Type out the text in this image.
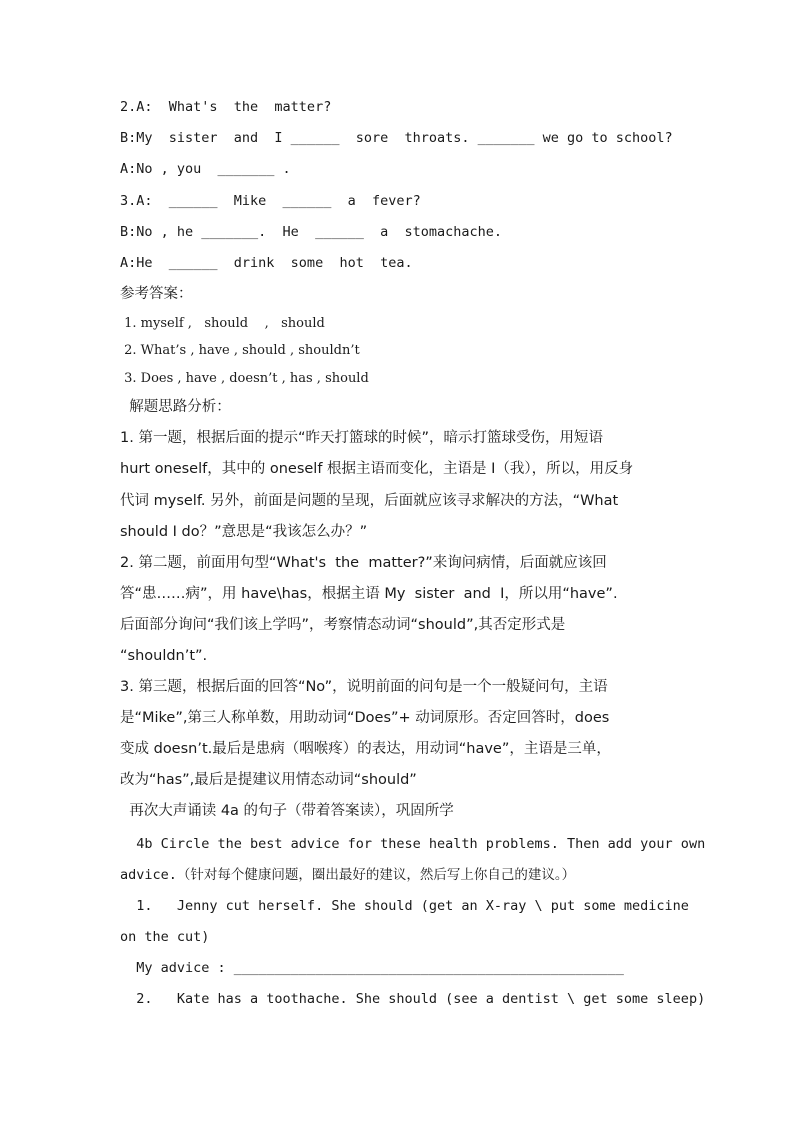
2.A:  What's  the  matter?
B:My  sister  and  I ______  sore  throats. _______ we go to school?
A:No , you  _______ .
3.A:  ______  Mike  ______  a  fever?
B:No , he _______.  He  ______  a  stomachache.
A:He  ______  drink  some  hot  tea.
参考答案：
1. myself ,   should    ,   should
2. What’s , have , should , shouldn’t
3. Does , have , doesn’t , has , should
解题思路分析：
1. 第一题，根据后面的提示“昨天打篮球的时候”，暗示打篮球受伤，用短语
hurt oneself，其中的 oneself 根据主语而变化，主语是 I（我），所以，用反身
代词 myself. 另外，前面是问题的呈现，后面就应该寻求解决的方法，“What
should I do？”意思是“我该怎么办？”
2. 第二题，前面用句型“What's  the  matter?”来询问病情，后面就应该回
答“患……病”，用 have\has，根据主语 My  sister  and  I，所以用“have”.
后面部分询问“我们该上学吗”，考察情态动词“should”,其否定形式是
“shouldn’t”.
3. 第三题，根据后面的回答“No”，说明前面的问句是一个一般疑问句，主语
是“Mike”,第三人称单数，用助动词“Does”+ 动词原形。否定回答时，does
变成 doesn’t.最后是患病（咽喉疼）的表达，用动词“have”，主语是三单，
改为“has”,最后是提建议用情态动词“should”
再次大声诵读 4a 的句子（带着答案读），巩固所学
4b Circle the best advice for these health problems. Then add your own
advice.（针对每个健康问题，圈出最好的建议，然后写上你自己的建议。）
1.   Jenny cut herself. She should (get an X-ray \ put some medicine
on the cut)
My advice : ________________________________________________
2.   Kate has a toothache. She should (see a dentist \ get some sleep)
